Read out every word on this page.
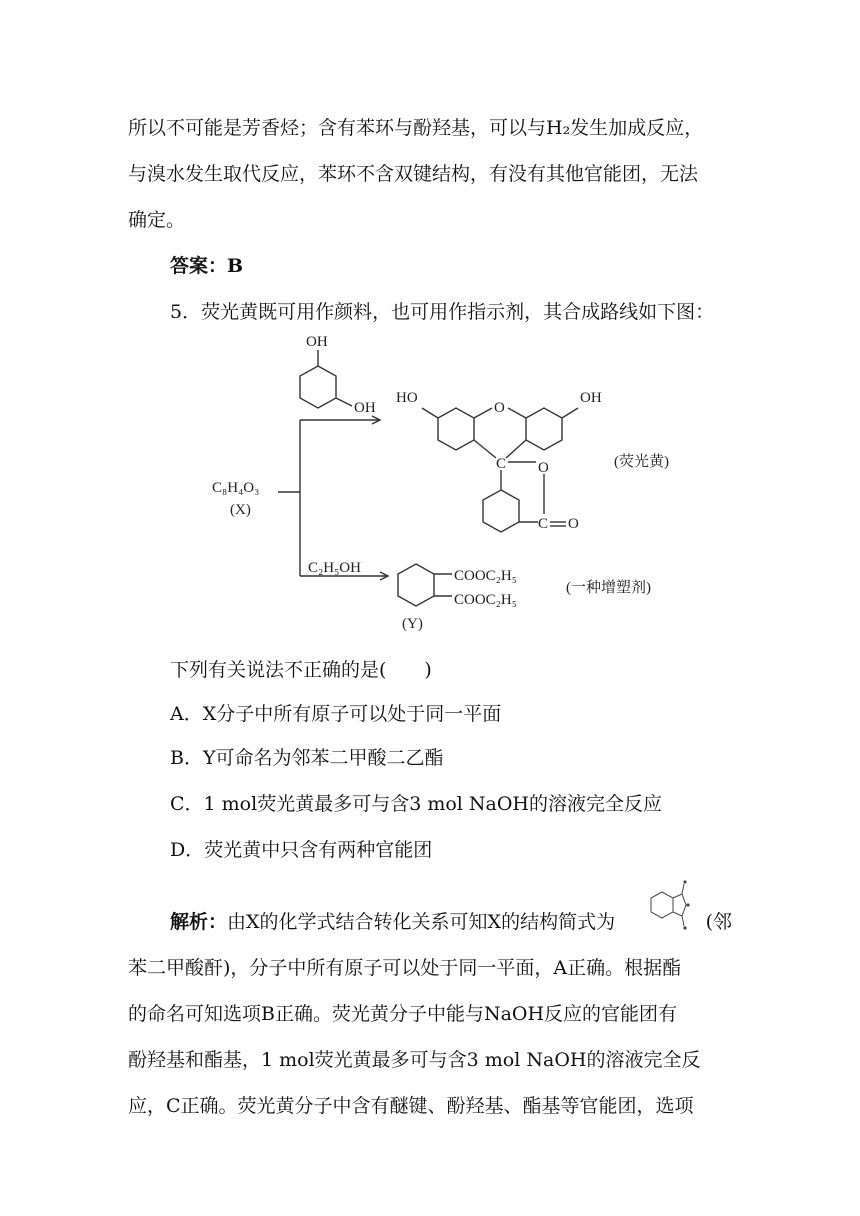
所以不可能是芳香烃；含有苯环与酚羟基，可以与H₂发生加成反应，
与溴水发生取代反应，苯环不含双键结构，有没有其他官能团，无法
确定。
答案：B
5．荧光黄既可用作颜料，也可用作指示剂，其合成路线如下图：
OH
OH
HO
O
OH
C O
C O
(荧光黄)
C₈H₄O₃
(X)
C₂H₅OH	COOC₂H₅
COOC₂H₅
(Y)
(一种增塑剂)
下列有关说法不正确的是(　　)
A．X分子中所有原子可以处于同一平面
B．Y可命名为邻苯二甲酸二乙酯
C．1 mol荧光黄最多可与含3 mol NaOH的溶液完全反应
D．荧光黄中只含有两种官能团
解析：由X的化学式结合转化关系可知X的结构简式为	(邻
苯二甲酸酐)，分子中所有原子可以处于同一平面，A正确。根据酯
的命名可知选项B正确。荧光黄分子中能与NaOH反应的官能团有
酚羟基和酯基，1 mol荧光黄最多可与含3 mol NaOH的溶液完全反
应，C正确。荧光黄分子中含有醚键、酚羟基、酯基等官能团，选项
